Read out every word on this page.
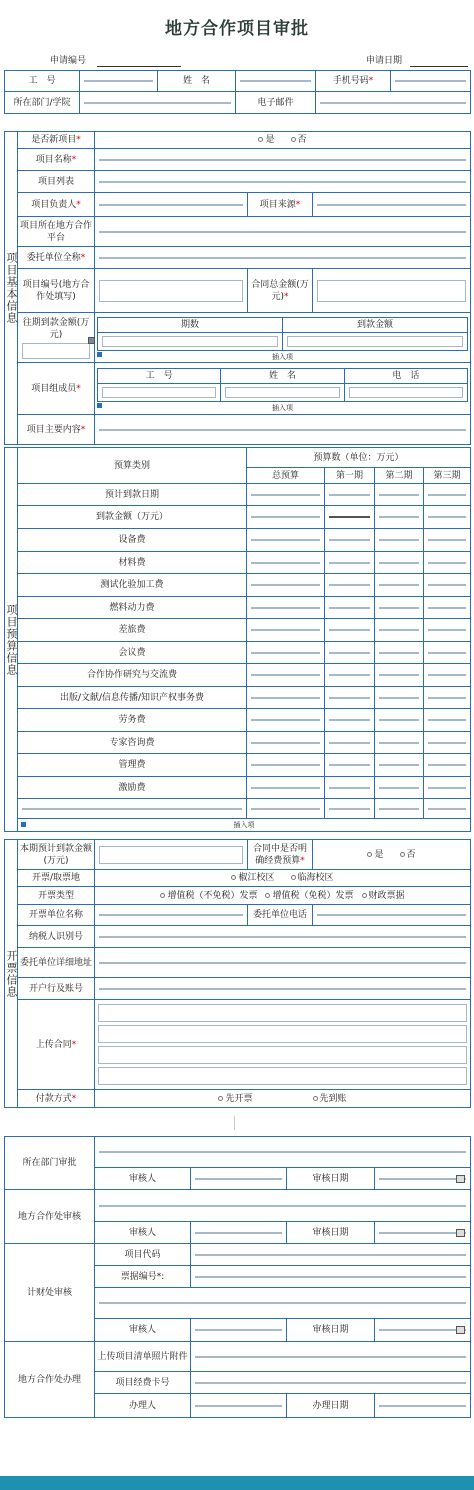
地方合作项目审批
申请编号	申请日期
工　号		姓　名		手机号码*	

所在部门/学院			电子邮件		
项目基本信息
	是否新项目*	是	否
项目名称*	

项目列表	

项目负责人*		项目来源*	

项目所在地方合作平台	

委托单位全称*	

项目编号(地方合作处填写)	
	合同总金额(万元)*	

往期到款金额(万元)

期数	到款金额

插入项

项目组成员*	
工　号	姓　名	电　话

插入项

项目主要内容*	
项目预算信息	预算类别	预算数（单位：万元）			
		总预算	第一期	第二期	第三期
	预计到款日期	

	到款金额（万元）	

	设备费	

	材料费	

	测试化验加工费	

	燃料动力费	

	差旅费	

	会议费	

	合作协作研究与交流费	

	出版/文献/信息传播/知识产权事务费	

	劳务费	

	专家咨询费	

	管理费	

	激励费	

插入项				
开票信息	本期预计到款金额(万元)		合同中是否明确经费预算*	是 否
	开票/取票地	椒江校区 临海校区		
	开票类型	增值税（不免税）发票 增值税（免税）发票 财政票据		
	开票单位名称		委托单位电话	

	纳税人识别号			

	委托单位详细地址			

	开户行及账号			

	上传合同*			

	付款方式*	先开票 先到账		
所在部门审批				

	审核人		审核日期	

地方合作处审核				

	审核人		审核日期	

计财处审核	项目代码			

	票据编号*:			

	审核人		审核日期	

地方合作处办理	上传项目清单照片附件			

	项目经费卡号			

	办理人		办理日期	
